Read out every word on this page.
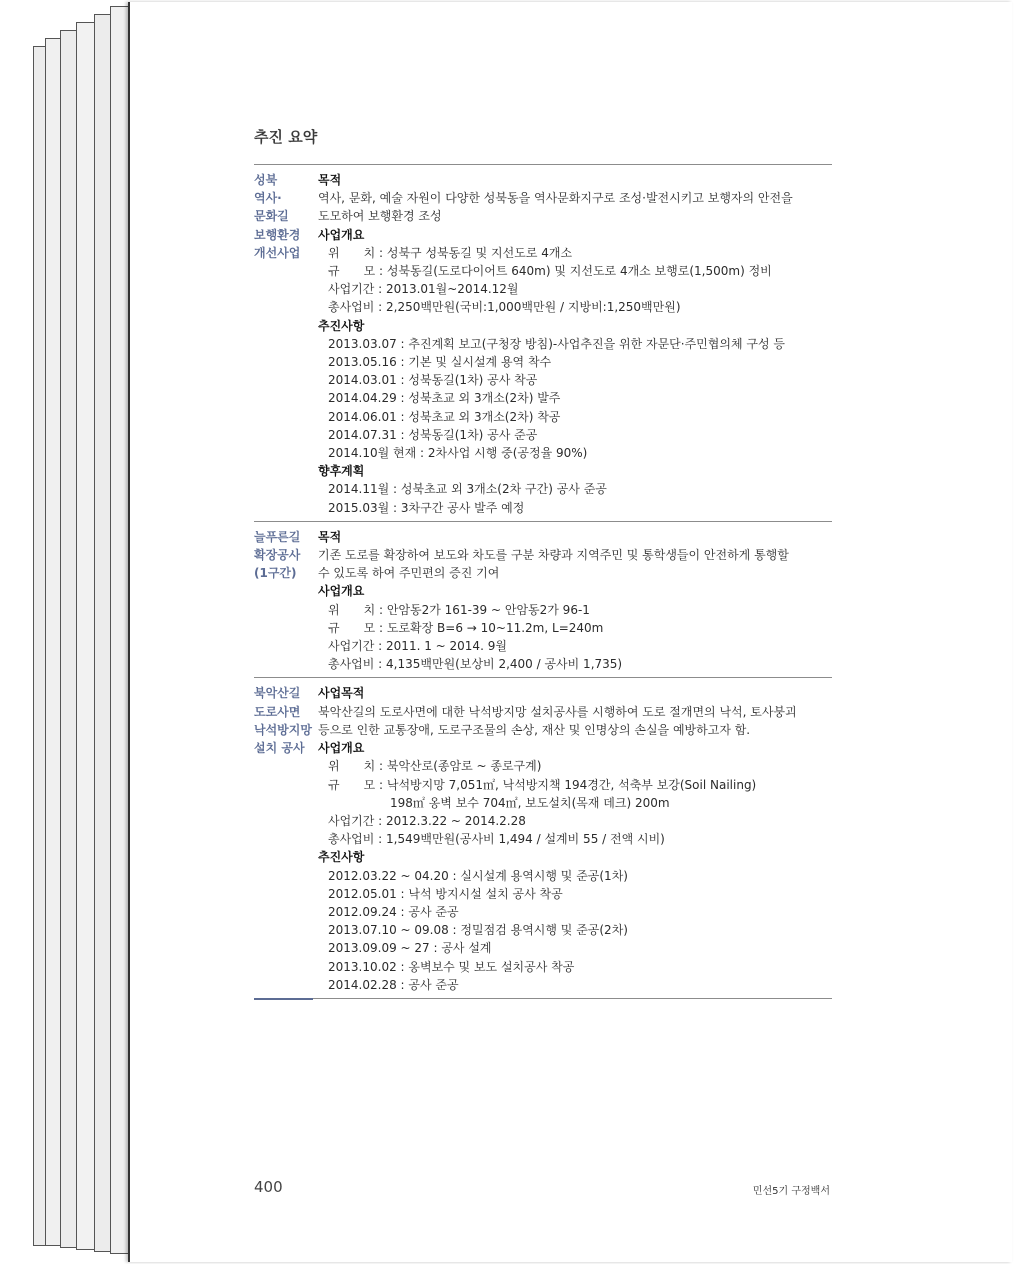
추진 요약
성북
역사·
문화길
보행환경
개선사업
목적
역사, 문화, 예술 자원이 다양한 성북동을 역사문화지구로 조성·발전시키고 보행자의 안전을
도모하여 보행환경 조성
사업개요
위　　치 : 성북구 성북동길 및 지선도로 4개소
규　　모 : 성북동길(도로다이어트 640m) 및 지선도로 4개소 보행로(1,500m) 정비
사업기간 : 2013.01월~2014.12월
총사업비 : 2,250백만원(국비:1,000백만원 / 지방비:1,250백만원)
추진사항
2013.03.07 : 추진계획 보고(구청장 방침)-사업추진을 위한 자문단·주민협의체 구성 등
2013.05.16 : 기본 및 실시설계 용역 착수
2014.03.01 : 성북동길(1차) 공사 착공
2014.04.29 : 성북초교 외 3개소(2차) 발주
2014.06.01 : 성북초교 외 3개소(2차) 착공
2014.07.31 : 성북동길(1차) 공사 준공
2014.10월 현재 : 2차사업 시행 중(공정율 90%)
향후계획
2014.11월 : 성북초교 외 3개소(2차 구간) 공사 준공
2015.03월 : 3차구간 공사 발주 예정
늘푸른길
확장공사
(1구간)
목적
기존 도로를 확장하여 보도와 차도를 구분 차량과 지역주민 및 통학생들이 안전하게 통행할
수 있도록 하여 주민편의 증진 기여
사업개요
위　　치 : 안암동2가 161-39 ~ 안암동2가 96-1
규　　모 : 도로확장 B=6 → 10~11.2m, L=240m
사업기간 : 2011. 1 ~ 2014. 9월
총사업비 : 4,135백만원(보상비 2,400 / 공사비 1,735)
북악산길
도로사면
낙석방지망
설치 공사
사업목적
북악산길의 도로사면에 대한 낙석방지망 설치공사를 시행하여 도로 절개면의 낙석, 토사붕괴
등으로 인한 교통장애, 도로구조물의 손상, 재산 및 인명상의 손실을 예방하고자 함.
사업개요
위　　치 : 북악산로(종암로 ~ 종로구계)
규　　모 : 낙석방지망 7,051㎡, 낙석방지책 194경간, 석축부 보강(Soil Nailing)
198㎡ 옹벽 보수 704㎡, 보도설치(목재 데크) 200m
사업기간 : 2012.3.22 ~ 2014.2.28
총사업비 : 1,549백만원(공사비 1,494 / 설계비 55 / 전액 시비)
추진사항
2012.03.22 ~ 04.20 : 실시설계 용역시행 및 준공(1차)
2012.05.01 : 낙석 방지시설 설치 공사 착공
2012.09.24 : 공사 준공
2013.07.10 ~ 09.08 : 정밀점검 용역시행 및 준공(2차)
2013.09.09 ~ 27 : 공사 설계
2013.10.02 : 옹벽보수 및 보도 설치공사 착공
2014.02.28 : 공사 준공
400	민선5기 구정백서
